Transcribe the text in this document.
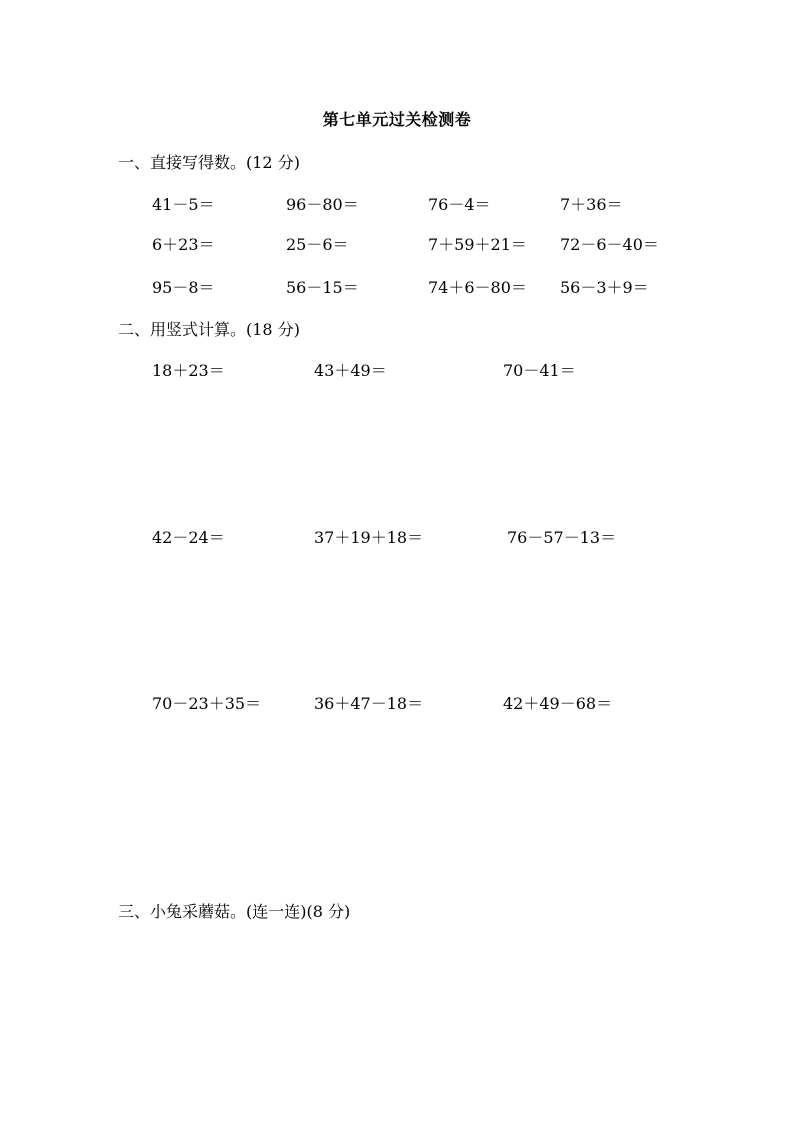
第七单元过关检测卷
一、直接写得数。(12 分)
41－5＝	96－80＝	76－4＝	7＋36＝
6＋23＝	25－6＝	7＋59＋21＝ 72－6－40＝
95－8＝	56－15＝	74＋6－80＝ 56－3＋9＝
二、用竖式计算。(18 分)
18＋23＝	43＋49＝	70－41＝
42－24＝	37＋19＋18＝	76－57－13＝
70－23＋35＝	36＋47－18＝	42＋49－68＝
三、小兔采蘑菇。(连一连)(8 分)
